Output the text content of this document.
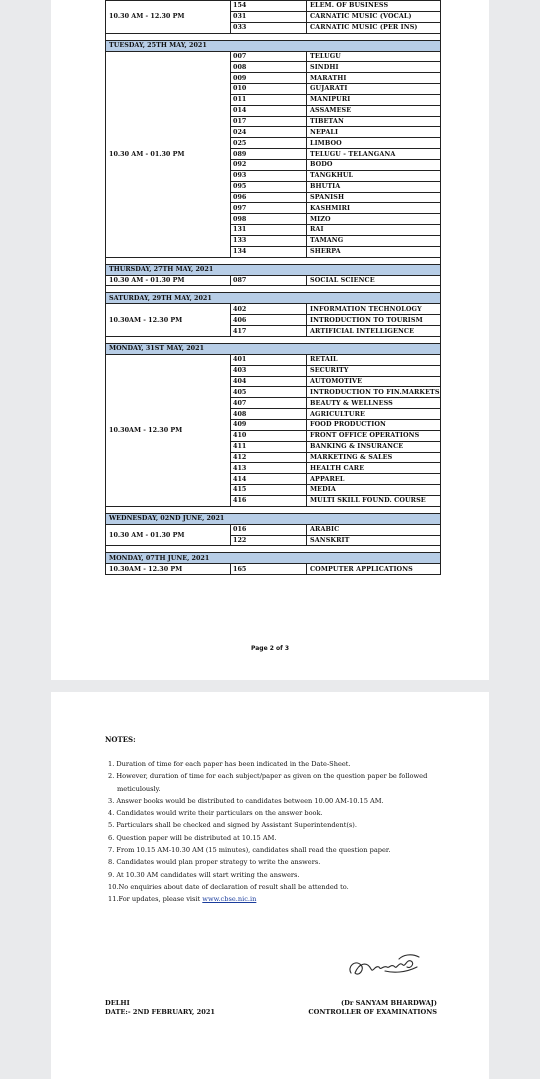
10.30 AM - 12.30 PM	154	ELEM. OF BUSINESS
	031	CARNATIC MUSIC (VOCAL)
	033	CARNATIC MUSIC (PER INS)

TUESDAY, 25TH MAY, 2021		
10.30 AM - 01.30 PM	007	TELUGU
	008	SINDHI
	009	MARATHI
	010	GUJARATI
	011	MANIPURI
	014	ASSAMESE
	017	TIBETAN
	024	NEPALI
	025	LIMBOO
	089	TELUGU - TELANGANA
	092	BODO
	093	TANGKHUL
	095	BHUTIA
	096	SPANISH
	097	KASHMIRI
	098	MIZO
	131	RAI
	133	TAMANG
	134	SHERPA

THURSDAY, 27TH MAY, 2021		
10.30 AM - 01.30 PM	087	SOCIAL SCIENCE

SATURDAY, 29TH MAY, 2021		
10.30AM - 12.30 PM	402	INFORMATION TECHNOLOGY
	406	INTRODUCTION TO TOURISM
	417	ARTIFICIAL INTELLIGENCE

MONDAY, 31ST MAY, 2021		
10.30AM - 12.30 PM	401	RETAIL
	403	SECURITY
	404	AUTOMOTIVE
	405	INTRODUCTION TO FIN.MARKETS
	407	BEAUTY & WELLNESS
	408	AGRICULTURE
	409	FOOD PRODUCTION
	410	FRONT OFFICE OPERATIONS
	411	BANKING & INSURANCE
	412	MARKETING & SALES
	413	HEALTH CARE
	414	APPAREL
	415	MEDIA
	416	MULTI SKILL FOUND. COURSE

WEDNESDAY, 02ND JUNE, 2021		
10.30 AM - 01.30 PM	016	ARABIC
	122	SANSKRIT

MONDAY, 07TH JUNE, 2021		
10.30AM - 12.30 PM	165	COMPUTER APPLICATIONS
Page 2 of 3
NOTES:
1. Duration of time for each paper has been indicated in the Date-Sheet.
2. However, duration of time for each subject/paper as given on the question paper be followed meticulously.
3. Answer books would be distributed to candidates between 10.00 AM-10.15 AM.
4. Candidates would write their particulars on the answer book.
5. Particulars shall be checked and signed by Assistant Superintendent(s).
6. Question paper will be distributed at 10.15 AM.
7. From 10.15 AM-10.30 AM (15 minutes), candidates shall read the question paper.
8. Candidates would plan proper strategy to write the answers.
9. At 10.30 AM candidates will start writing the answers.
10.No enquiries about date of declaration of result shall be attended to.
11.For updates, please visit www.cbse.nic.in
DELHI
DATE:- 2ND FEBRUARY, 2021
(Dr SANYAM BHARDWAJ)
CONTROLLER OF EXAMINATIONS
